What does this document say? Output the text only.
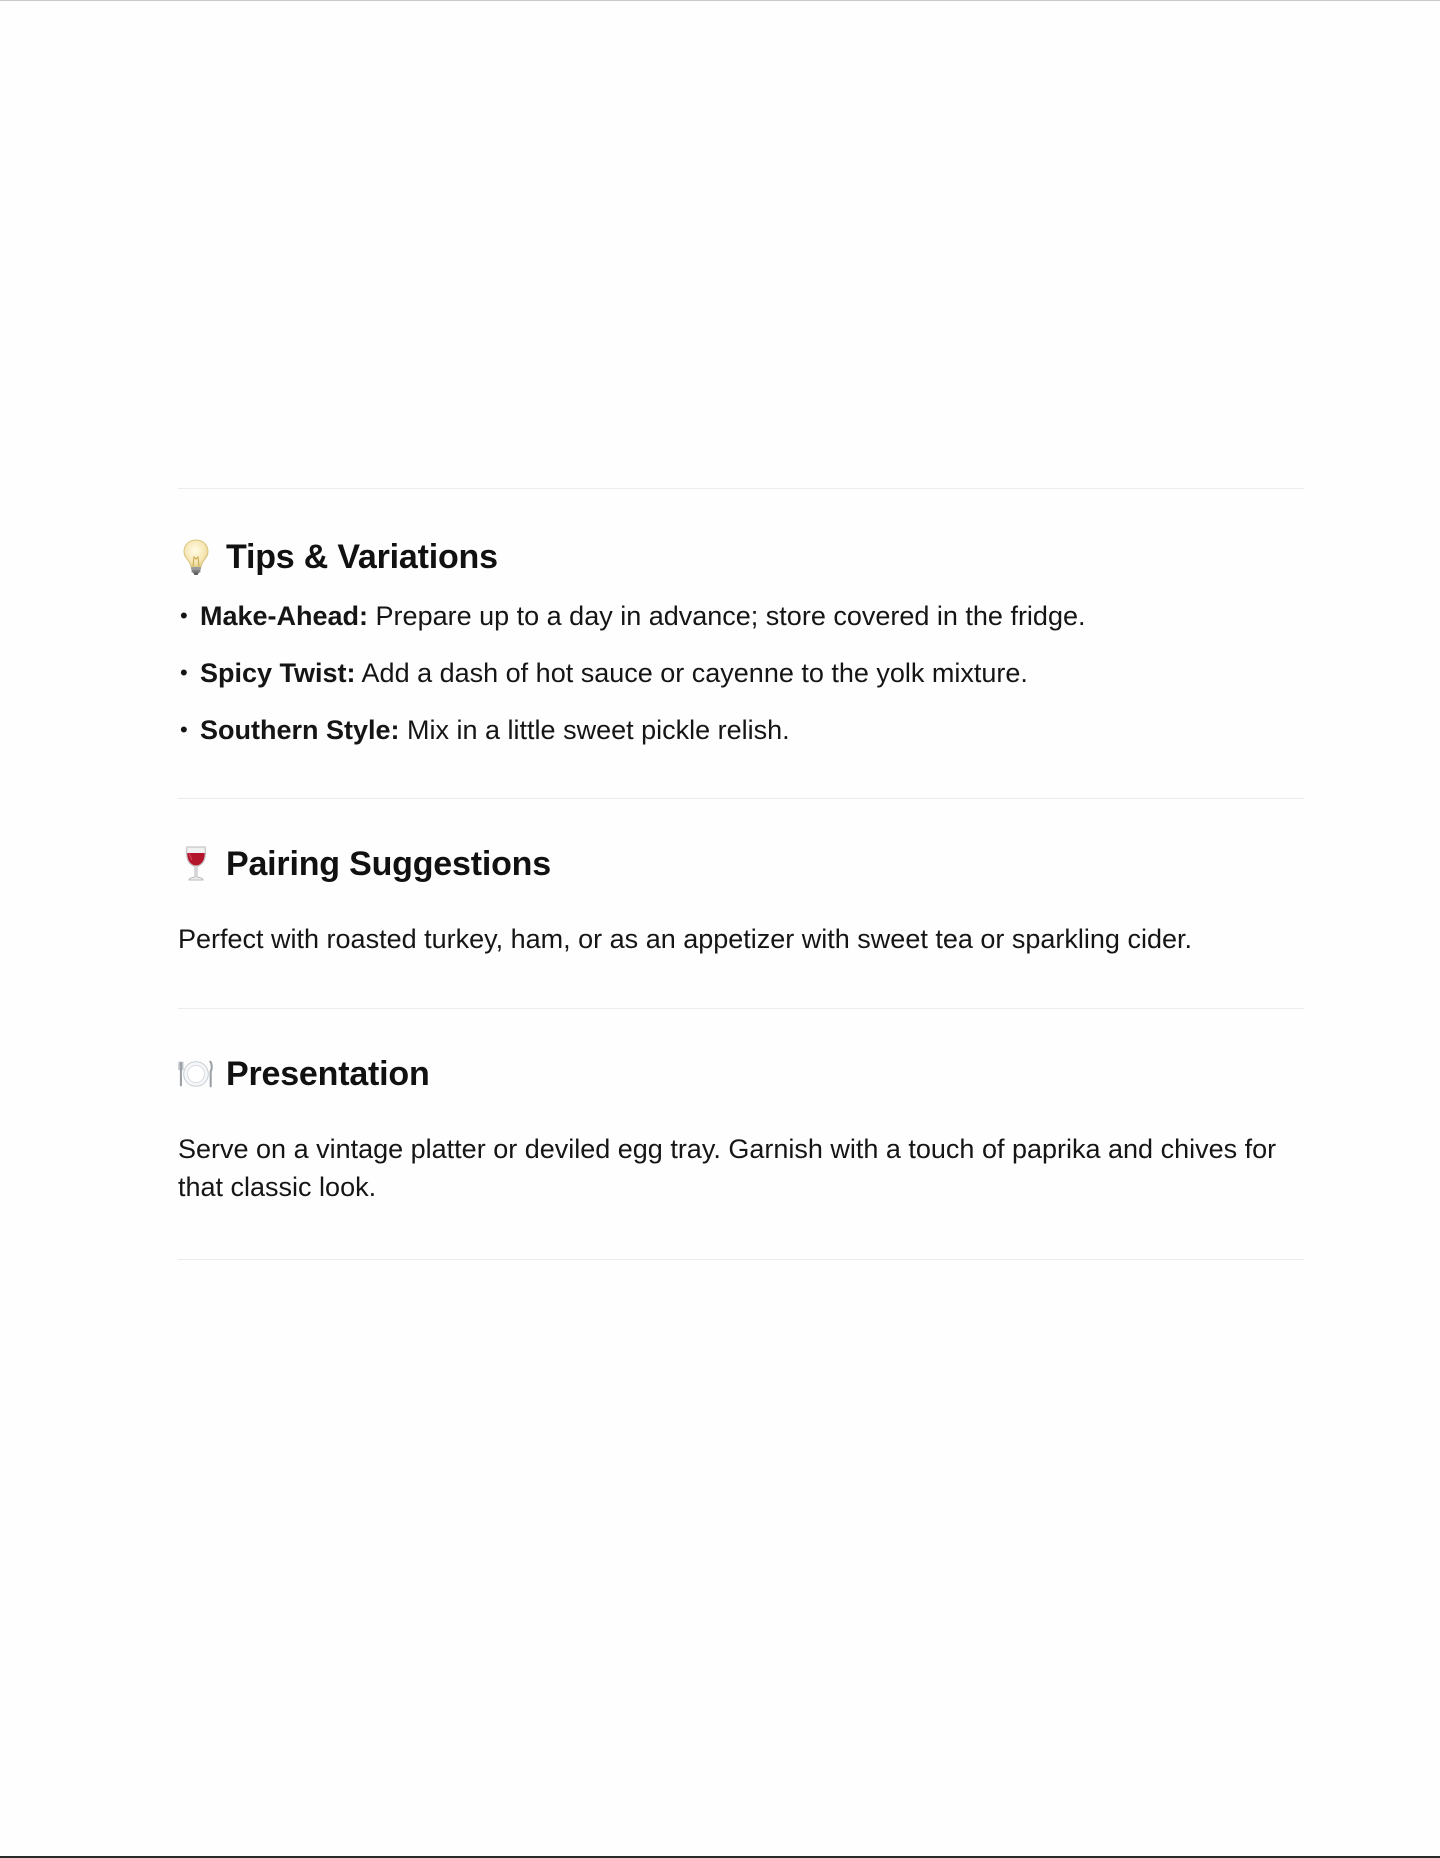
Tips & Variations
• Make-Ahead: Prepare up to a day in advance; store covered in the fridge.
• Spicy Twist: Add a dash of hot sauce or cayenne to the yolk mixture.
• Southern Style: Mix in a little sweet pickle relish.
Pairing Suggestions

Perfect with roasted turkey, ham, or as an appetizer with sweet tea or sparkling cider.

Presentation

Serve on a vintage platter or deviled egg tray. Garnish with a touch of paprika and chives for that classic look.
